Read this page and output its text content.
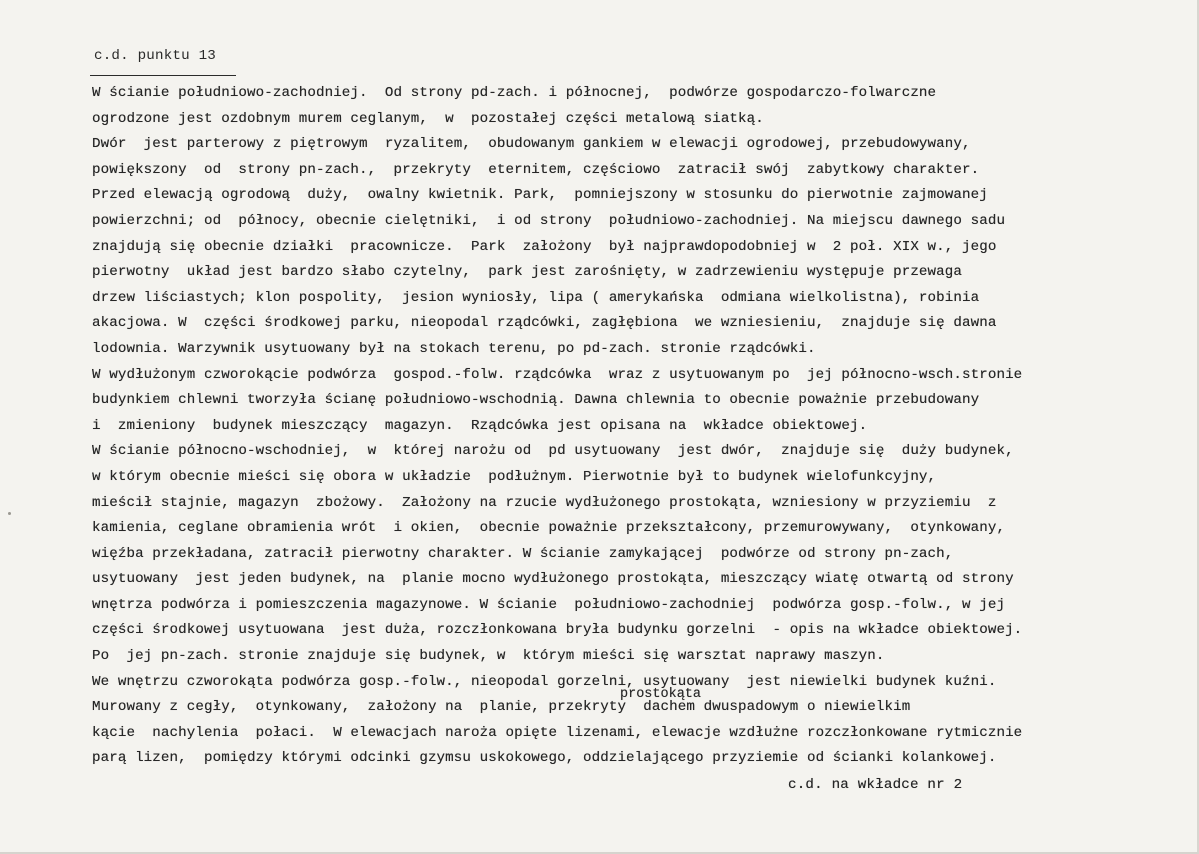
c.d. punktu 13
W ścianie południowo-zachodniej.  Od strony pd-zach. i północnej,  podwórze gospodarczo-folwarczne
ogrodzone jest ozdobnym murem ceglanym,  w  pozostałej części metalową siatką.
Dwór  jest parterowy z piętrowym  ryzalitem,  obudowanym gankiem w elewacji ogrodowej, przebudowywany,
powiększony  od  strony pn-zach.,  przekryty  eternitem, częściowo  zatracił swój  zabytkowy charakter.
Przed elewacją ogrodową  duży,  owalny kwietnik. Park,  pomniejszony w stosunku do pierwotnie zajmowanej
powierzchni; od  północy, obecnie cielętniki,  i od strony  południowo-zachodniej. Na miejscu dawnego sadu
znajdują się obecnie działki  pracownicze.  Park  założony  był najprawdopodobniej w  2 poł. XIX w., jego
pierwotny  układ jest bardzo słabo czytelny,  park jest zarośnięty, w zadrzewieniu występuje przewaga
drzew liściastych; klon pospolity,  jesion wyniosły, lipa ( amerykańska  odmiana wielkolistna), robinia
akacjowa. W  części środkowej parku, nieopodal rządcówki, zagłębiona  we wzniesieniu,  znajduje się dawna
lodownia. Warzywnik usytuowany był na stokach terenu, po pd-zach. stronie rządcówki.
W wydłużonym czworokącie podwórza  gospod.-folw. rządcówka  wraz z usytuowanym po  jej północno-wsch.stronie
budynkiem chlewni tworzyła ścianę południowo-wschodnią. Dawna chlewnia to obecnie poważnie przebudowany
i  zmieniony  budynek mieszczący  magazyn.  Rządcówka jest opisana na  wkładce obiektowej.
W ścianie północno-wschodniej,  w  której narożu od  pd usytuowany  jest dwór,  znajduje się  duży budynek,
w którym obecnie mieści się obora w układzie  podłużnym. Pierwotnie był to budynek wielofunkcyjny,
mieścił stajnie, magazyn  zbożowy.  Założony na rzucie wydłużonego prostokąta, wzniesiony w przyziemiu  z
kamienia, ceglane obramienia wrót  i okien,  obecnie poważnie przekształcony, przemurowywany,  otynkowany,
więźba przekładana, zatracił pierwotny charakter. W ścianie zamykającej  podwórze od strony pn-zach,
usytuowany  jest jeden budynek, na  planie mocno wydłużonego prostokąta, mieszczący wiatę otwartą od strony
wnętrza podwórza i pomieszczenia magazynowe. W ścianie  południowo-zachodniej  podwórza gosp.-folw., w jej
części środkowej usytuowana  jest duża, rozczłonkowana bryła budynku gorzelni  - opis na wkładce obiektowej.
Po  jej pn-zach. stronie znajduje się budynek, w  którym mieści się warsztat naprawy maszyn.
We wnętrzu czworokąta podwórza gosp.-folw., nieopodal gorzelni, usytuowany  jest niewielki budynek kuźni.
Murowany z cegły,  otynkowany,  założony na  planie, przekryty  dachem dwuspadowym o niewielkim
kącie  nachylenia  połaci.  W elewacjach naroża opięte lizenami, elewacje wzdłużne rozczłonkowane rytmicznie
parą lizen,  pomiędzy którymi odcinki gzymsu uskokowego, oddzielającego przyziemie od ścianki kolankowej.
prostokąta
c.d. na wkładce nr 2
